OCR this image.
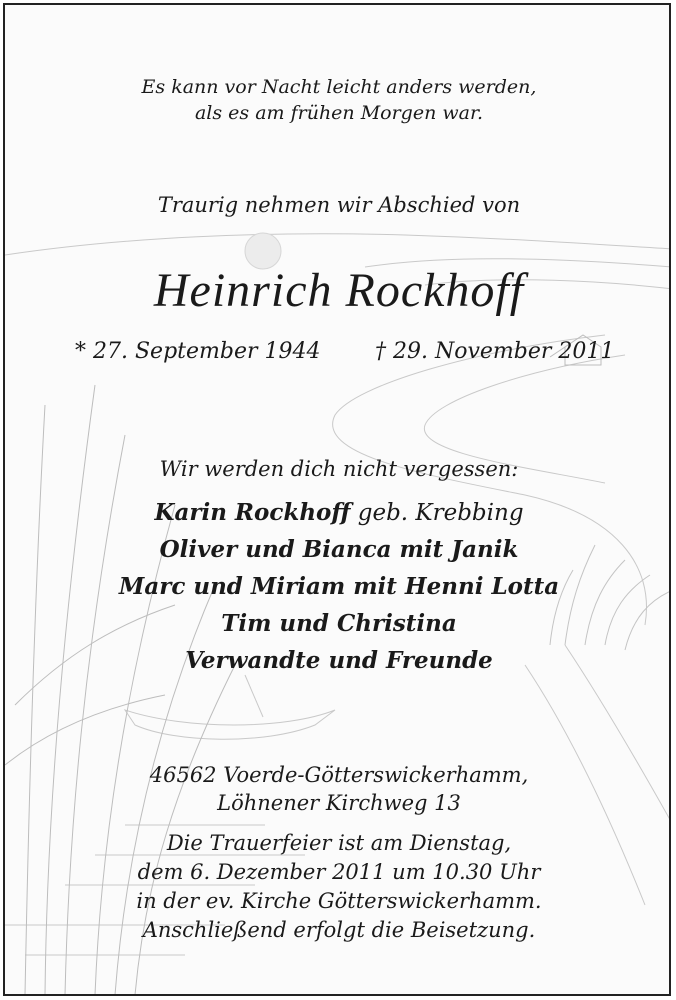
Es kann vor Nacht leicht anders werden,
als es am frühen Morgen war.
Traurig nehmen wir Abschied von
Heinrich Rockhoff
* 27. September 1944 † 29. November 2011
Wir werden dich nicht vergessen:
Karin Rockhoff geb. Krebbing
Oliver und Bianca mit Janik
Marc und Miriam mit Henni Lotta
Tim und Christina
Verwandte und Freunde
46562 Voerde-Götterswickerhamm,
Löhnener Kirchweg 13
Die Trauerfeier ist am Dienstag,
dem 6. Dezember 2011 um 10.30 Uhr
in der ev. Kirche Götterswickerhamm.
Anschließend erfolgt die Beisetzung.
